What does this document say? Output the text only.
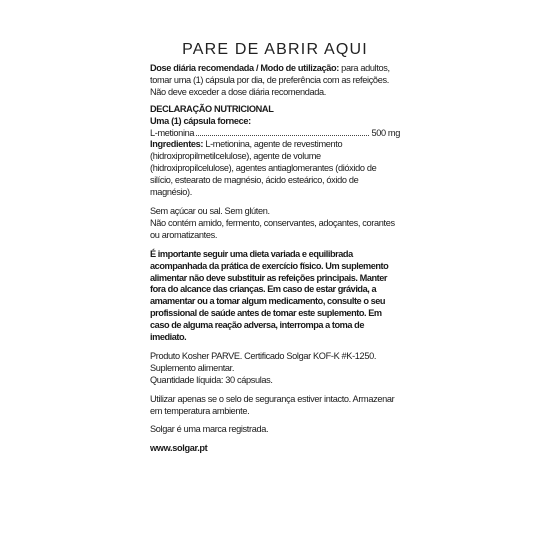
PARE DE ABRIR AQUI

Dose diária recomendada / Modo de utilização: para adultos, tomar uma (1) cápsula por dia, de preferência com as refeições. Não deve exceder a dose diária recomendada.

DECLARAÇÃO NUTRICIONAL

Uma (1) cápsula fornece:

L-metionina	500 mg

Ingredientes: L-metionina, agente de revestimento (hidroxipropilmetilcelulose), agente de volume (hidroxipropilcelulose), agentes antiaglomerantes (dióxido de silício, estearato de magnésio, ácido esteárico, óxido de magnésio).

Sem açúcar ou sal. Sem glúten.

Não contém amido, fermento, conservantes, adoçantes, corantes ou aromatizantes.

É importante seguir uma dieta variada e equilibrada acompanhada da prática de exercício físico. Um suplemento alimentar não deve substituir as refeições principais. Manter fora do alcance das crianças. Em caso de estar grávida, a amamentar ou a tomar algum medicamento, consulte o seu profissional de saúde antes de tomar este suplemento. Em caso de alguma reação adversa, interrompa a toma de imediato.

Produto Kosher PARVE. Certificado Solgar KOF-K #K-1250.

Suplemento alimentar.

Quantidade líquida: 30 cápsulas.

Utilizar apenas se o selo de segurança estiver intacto. Armazenar em temperatura ambiente.

Solgar é uma marca registrada.

www.solgar.pt
